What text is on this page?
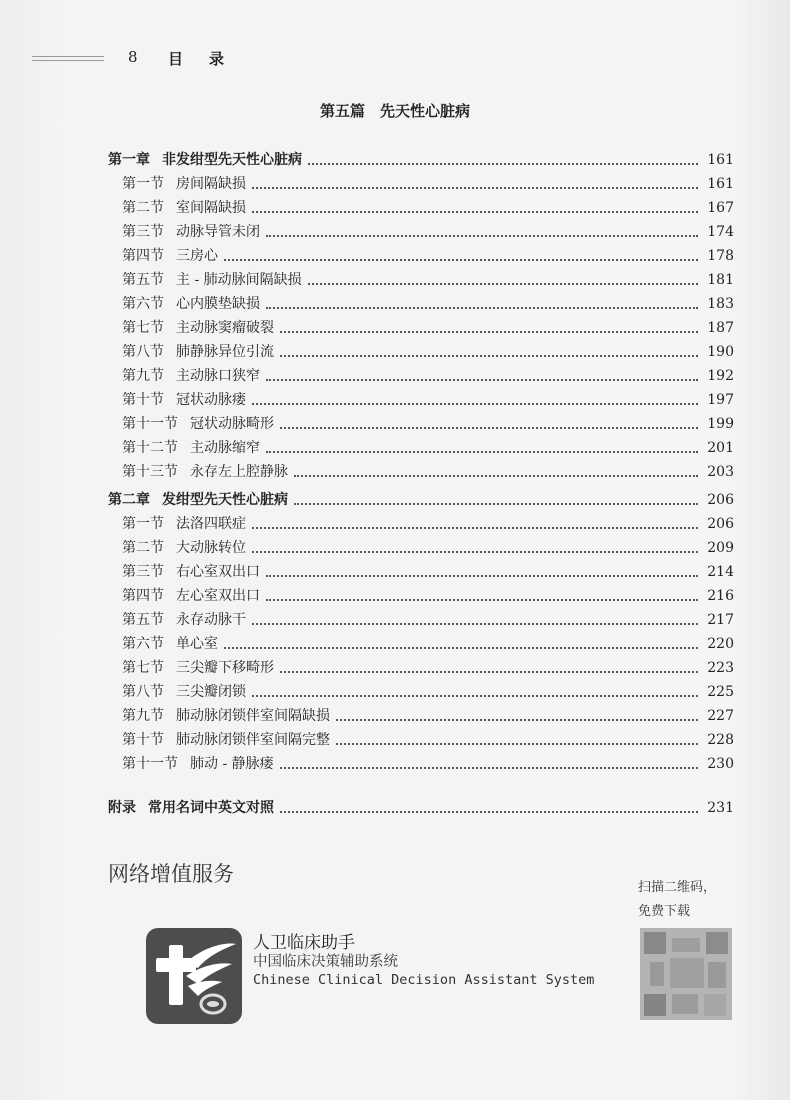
8 目录
第五篇　先天性心脏病
第一章 非发绀型先天性心脏病	161
第一节 房间隔缺损	161
第二节 室间隔缺损	167
第三节 动脉导管未闭	174
第四节 三房心	178
第五节 主 - 肺动脉间隔缺损	181
第六节 心内膜垫缺损	183
第七节 主动脉窦瘤破裂	187
第八节 肺静脉异位引流	190
第九节 主动脉口狭窄	192
第十节 冠状动脉瘘	197
第十一节 冠状动脉畸形	199
第十二节 主动脉缩窄	201
第十三节 永存左上腔静脉	203
第二章 发绀型先天性心脏病	206
第一节 法洛四联症	206
第二节 大动脉转位	209
第三节 右心室双出口	214
第四节 左心室双出口	216
第五节 永存动脉干	217
第六节 单心室	220
第七节 三尖瓣下移畸形	223
第八节 三尖瓣闭锁	225
第九节 肺动脉闭锁伴室间隔缺损	227
第十节 肺动脉闭锁伴室间隔完整	228
第十一节 肺动 - 静脉瘘	230
附录 常用名词中英文对照	231
网络增值服务
人卫临床助手
中国临床决策辅助系统
Chinese Clinical Decision Assistant System
扫描二维码，
免费下载
